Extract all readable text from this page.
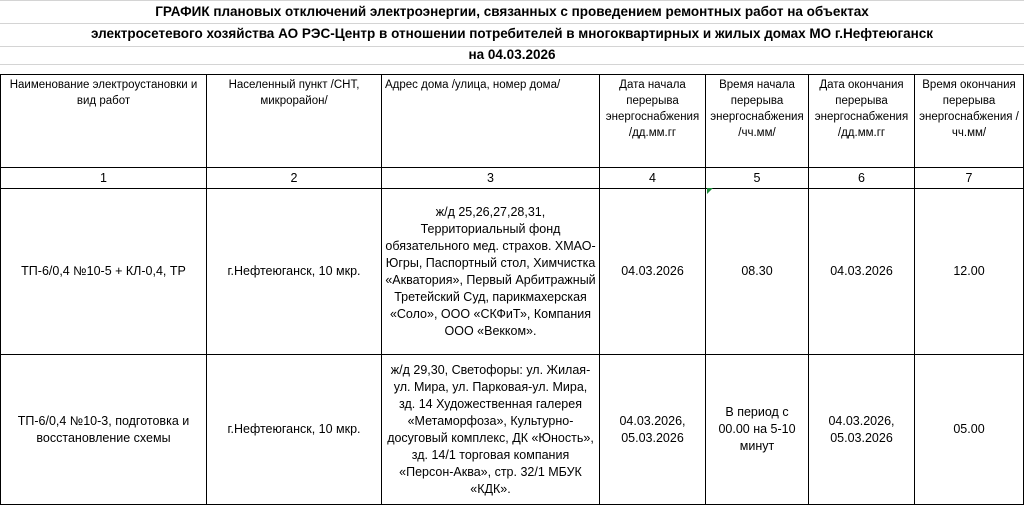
ГРАФИК плановых отключений электроэнергии, связанных с проведением ремонтных работ на объектах
электросетевого хозяйства АО РЭС-Центр в отношении потребителей в многоквартирных и жилых домах МО г.Нефтеюганск
на 04.03.2026
Наименование электроустановки и вид работ	Населенный пункт /СНТ, микрорайон/	Адрес дома /улица, номер дома/	Дата начала перерыва энергоснабжения /дд.мм.гг	Время начала перерыва энергоснабжения /чч.мм/	Дата окончания перерыва энергоснабжения /дд.мм.гг	Время окончания перерыва энергоснабжения /чч.мм/
1	2	3	4	5	6	7
ТП-6/0,4 №10-5 + КЛ-0,4, ТР	г.Нефтеюганск, 10 мкр.	ж/д 25,26,27,28,31, Территориальный фонд обязательного мед. страхов. ХМАО-Югры, Паспортный стол, Химчистка «Акватория», Первый Арбитражный Третейский Суд, парикмахерская «Соло», ООО «СКФиТ», Компания ООО «Векком».	04.03.2026	08.30	04.03.2026	12.00
ТП-6/0,4 №10-3, подготовка и восстановление схемы	г.Нефтеюганск, 10 мкр.	ж/д 29,30, Светофоры: ул. Жилая-ул. Мира, ул. Парковая-ул. Мира, зд. 14 Художественная галерея «Метаморфоза», Культурно-досуговый комплекс, ДК «Юность», зд. 14/1 торговая компания «Персон-Аква», стр. 32/1 МБУК «КДК».	04.03.2026, 05.03.2026	В период с 00.00 на 5-10 минут	04.03.2026, 05.03.2026	05.00
